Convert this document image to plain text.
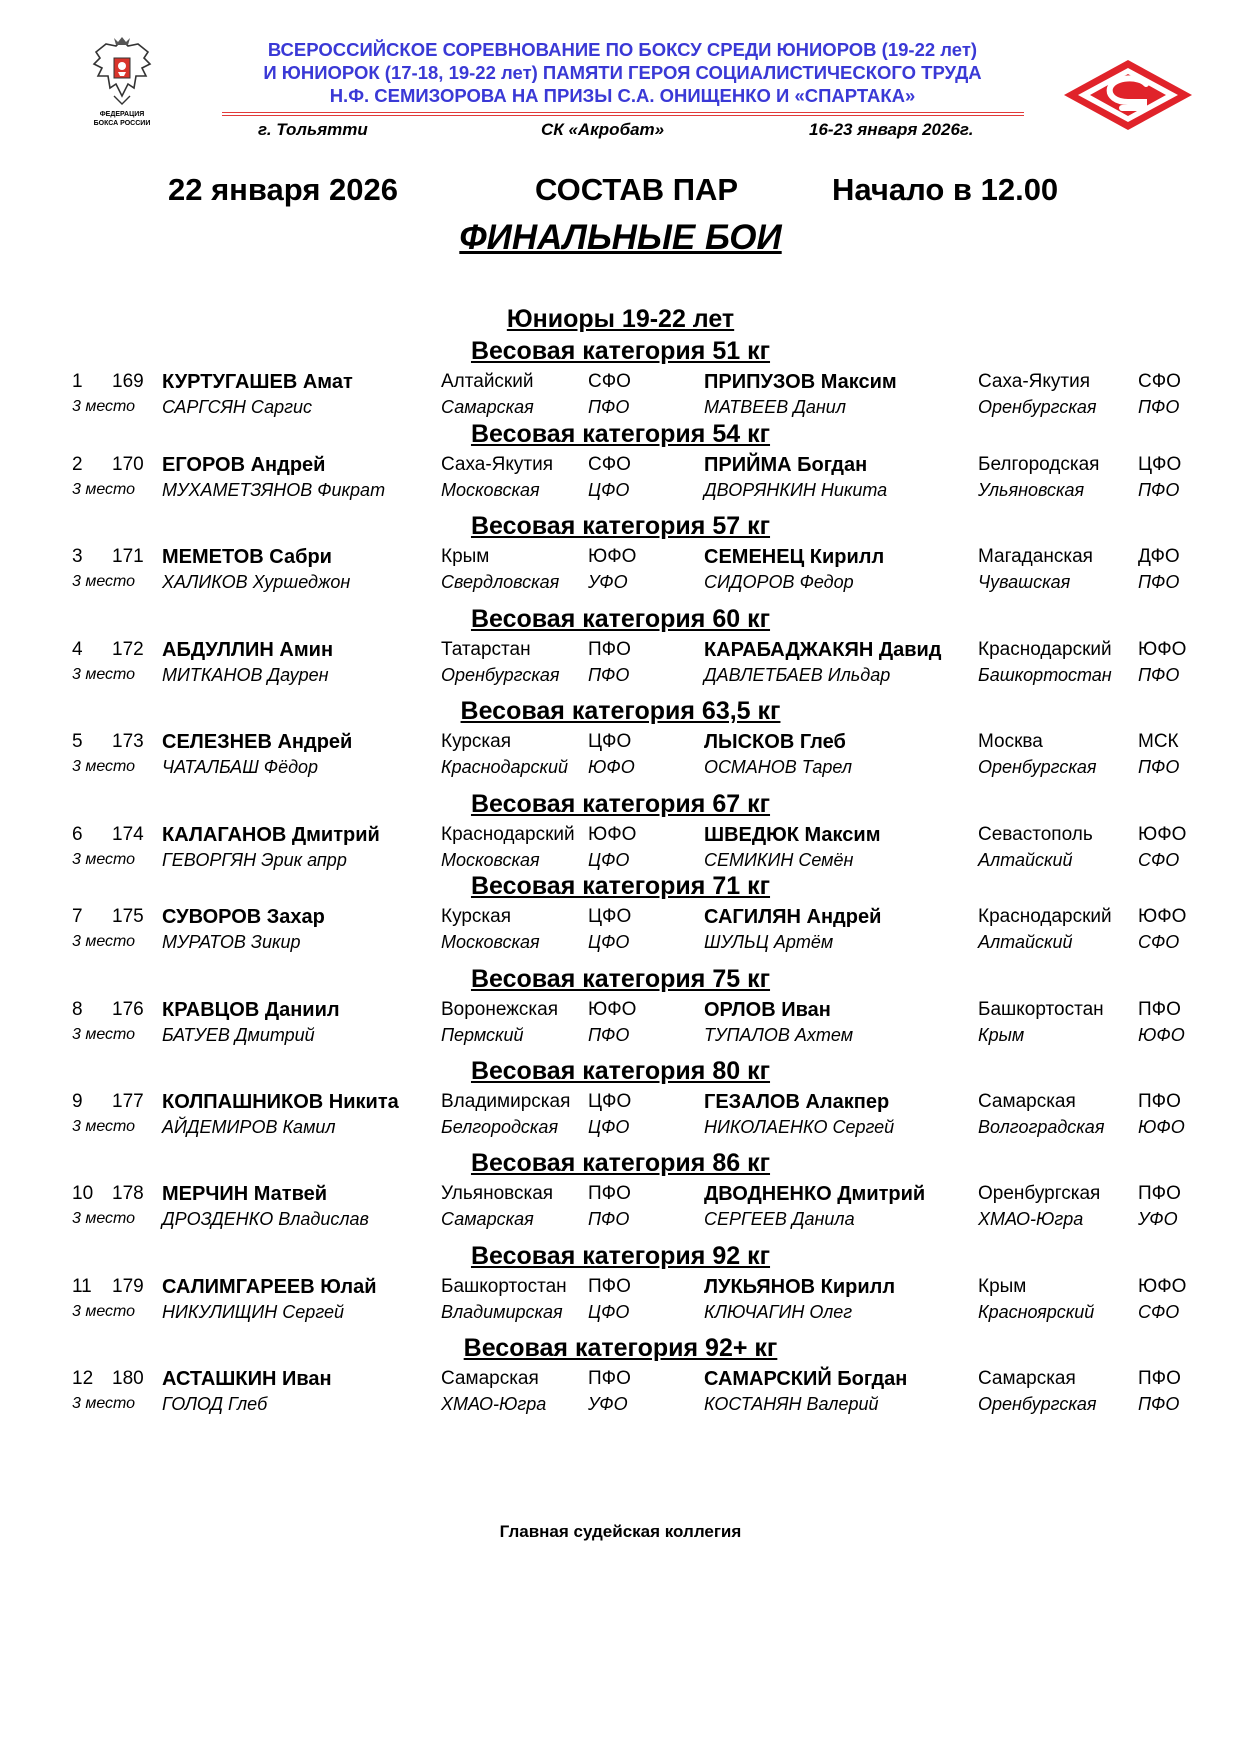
ФЕДЕРАЦИЯ
БОКСА РОССИИ
ВСЕРОССИЙСКОЕ СОРЕВНОВАНИЕ ПО БОКСУ СРЕДИ ЮНИОРОВ (19-22 лет)
И ЮНИОРОК (17-18, 19-22 лет) ПАМЯТИ ГЕРОЯ СОЦИАЛИСТИЧЕСКОГО ТРУДА
Н.Ф. СЕМИЗОРОВА НА ПРИЗЫ С.А. ОНИЩЕНКО И «СПАРТАКА»
г. Тольятти	СК «Акробат»	16-23 января 2026г.
22 января 2026	СОСТАВ ПАР	Начало в 12.00
ФИНАЛЬНЫЕ БОИ
Юниоры 19-22 лет
Весовая категория 51 кг
1 169 КУРТУГАШЕВ Амат	Алтайский	СФО	ПРИПУЗОВ Максим	Саха-Якутия	СФО
3 место САРГСЯН Саргис	Самарская	ПФО	МАТВЕЕВ Данил	Оренбургская ПФО
Весовая категория 54 кг
2 170 ЕГОРОВ Андрей	Саха-Якутия СФО	ПРИЙМА Богдан	Белгородская ЦФО
3 место МУХАМЕТЗЯНОВ Фикрат	Московская	ЦФО	ДВОРЯНКИН Никита	Ульяновская	ПФО
Весовая категория 57 кг
3 171 МЕМЕТОВ Сабри	Крым	ЮФО	СЕМЕНЕЦ Кирилл	Магаданская ДФО
3 место ХАЛИКОВ Хуршеджон	Свердловская УФО	СИДОРОВ Федор	Чувашская	ПФО
Весовая категория 60 кг
4 172 АБДУЛЛИН Амин	Татарстан	ПФО	КАРАБАДЖАКЯН Давид Краснодарский ЮФО
3 место МИТКАНОВ Даурен	Оренбургская ПФО	ДАВЛЕТБАЕВ Ильдар	Башкортостан ПФО
Весовая категория 63,5 кг
5 173 СЕЛЕЗНЕВ Андрей	Курская	ЦФО	ЛЫСКОВ Глеб	Москва	МСК
3 место ЧАТАЛБАШ Фёдор	Краснодарский ЮФО	ОСМАНОВ Тарел	Оренбургская ПФО
Весовая категория 67 кг
6 174 КАЛАГАНОВ Дмитрий	Краснодарский ЮФО	ШВЕДЮК Максим	Севастополь ЮФО
3 место ГЕВОРГЯН Эрик апрр	Московская	ЦФО	СЕМИКИН Семён	Алтайский	СФО
Весовая категория 71 кг
7 175 СУВОРОВ Захар	Курская	ЦФО	САГИЛЯН Андрей	Краснодарский ЮФО
3 место МУРАТОВ Зикир	Московская	ЦФО	ШУЛЬЦ Артём	Алтайский	СФО
Весовая категория 75 кг
8 176 КРАВЦОВ Даниил	Воронежская ЮФО	ОРЛОВ Иван	Башкортостан ПФО
3 место БАТУЕВ Дмитрий	Пермский	ПФО	ТУПАЛОВ Ахтем	Крым	ЮФО
Весовая категория 80 кг
9 177 КОЛПАШНИКОВ Никита Владимирская ЦФО	ГЕЗАЛОВ Алакпер	Самарская	ПФО
3 место АЙДЕМИРОВ Камил	Белгородская ЦФО	НИКОЛАЕНКО Сергей	Волгоградская ЮФО
Весовая категория 86 кг
10 178 МЕРЧИН Матвей	Ульяновская ПФО	ДВОДНЕНКО Дмитрий	Оренбургская ПФО
3 место ДРОЗДЕНКО Владислав	Самарская	ПФО	СЕРГЕЕВ Данила	ХМАО-Югра	УФО
Весовая категория 92 кг
11 179 САЛИМГАРЕЕВ Юлай	Башкортостан ПФО	ЛУКЬЯНОВ Кирилл	Крым	ЮФО
3 место НИКУЛИЩИН Сергей	Владимирская ЦФО	КЛЮЧАГИН Олег	Красноярский СФО
Весовая категория 92+ кг
12 180 АСТАШКИН Иван	Самарская	ПФО	САМАРСКИЙ Богдан	Самарская	ПФО
3 место ГОЛОД Глеб	ХМАО-Югра УФО	КОСТАНЯН Валерий	Оренбургская ПФО
Главная судейская коллегия
